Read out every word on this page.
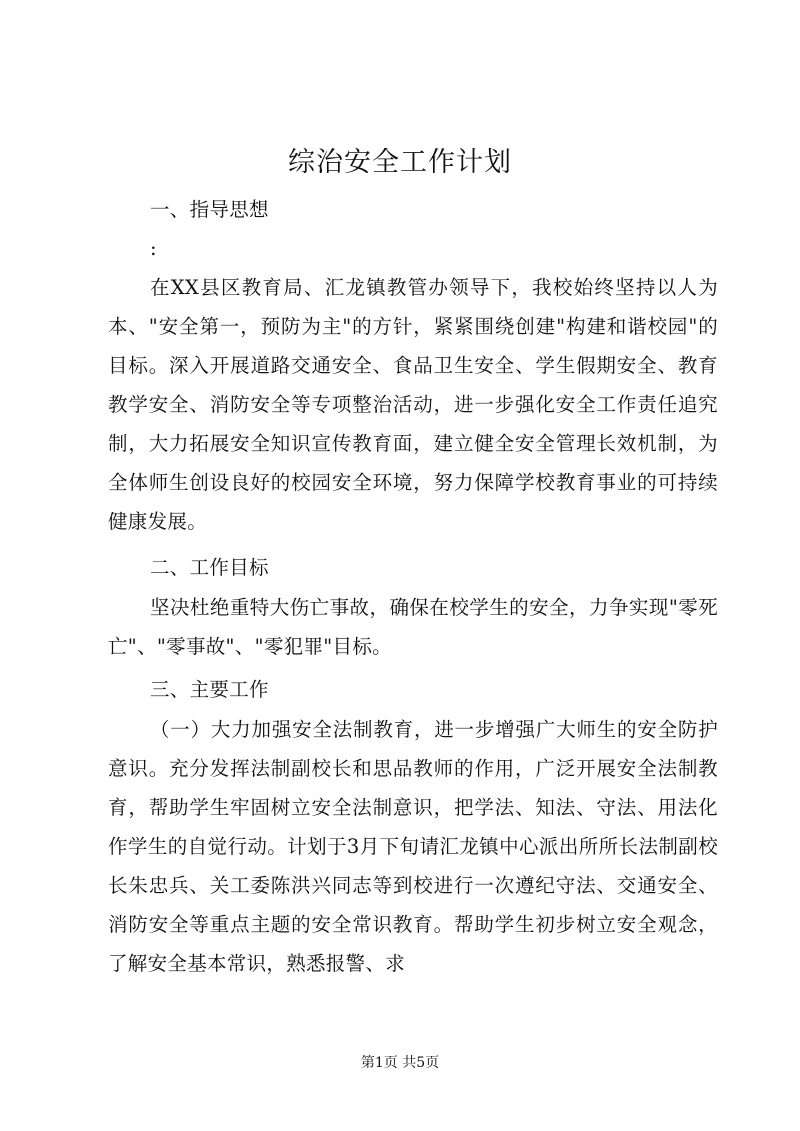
综治安全工作计划
一、指导思想
:
在XX县区教育局、汇龙镇教管办领导下，我校始终坚持以人为本、"安全第一，预防为主"的方针，紧紧围绕创建"构建和谐校园"的目标。深入开展道路交通安全、食品卫生安全、学生假期安全、教育教学安全、消防安全等专项整治活动，进一步强化安全工作责任追究制，大力拓展安全知识宣传教育面，建立健全安全管理长效机制，为全体师生创设良好的校园安全环境，努力保障学校教育事业的可持续健康发展。
二、工作目标
坚决杜绝重特大伤亡事故，确保在校学生的安全，力争实现"零死亡"、"零事故"、"零犯罪"目标。
三、主要工作
（一）大力加强安全法制教育，进一步增强广大师生的安全防护意识。充分发挥法制副校长和思品教师的作用，广泛开展安全法制教育，帮助学生牢固树立安全法制意识，把学法、知法、守法、用法化作学生的自觉行动。计划于3月下旬请汇龙镇中心派出所所长法制副校长朱忠兵、关工委陈洪兴同志等到校进行一次遵纪守法、交通安全、消防安全等重点主题的安全常识教育。帮助学生初步树立安全观念，了解安全基本常识，熟悉报警、求
第1页 共5页
